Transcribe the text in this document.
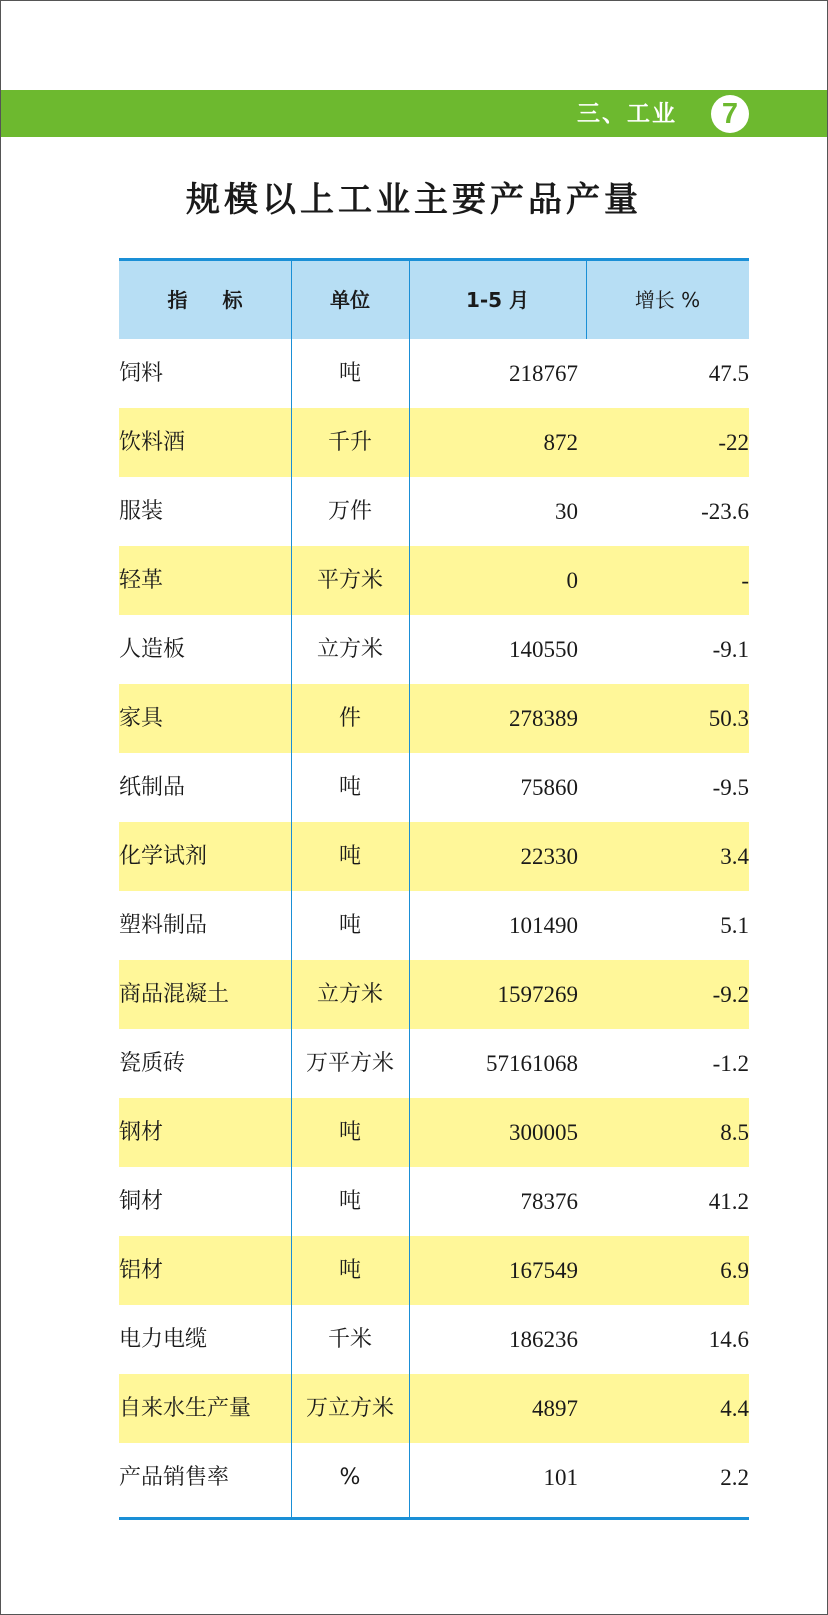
三、工业	7
规模以上工业主要产品产量
指 标	单位	1-5 月	增长 %
饲料	吨	218767	47.5
饮料酒	千升	872	-22
服装	万件	30	-23.6
轻革	平方米	0	-
人造板	立方米	140550	-9.1
家具	件	278389	50.3
纸制品	吨	75860	-9.5
化学试剂	吨	22330	3.4
塑料制品	吨	101490	5.1
商品混凝土	立方米	1597269	-9.2
瓷质砖	万平方米	57161068	-1.2
钢材	吨	300005	8.5
铜材	吨	78376	41.2
铝材	吨	167549	6.9
电力电缆	千米	186236	14.6
自来水生产量	万立方米	4897	4.4
产品销售率	%	101	2.2
